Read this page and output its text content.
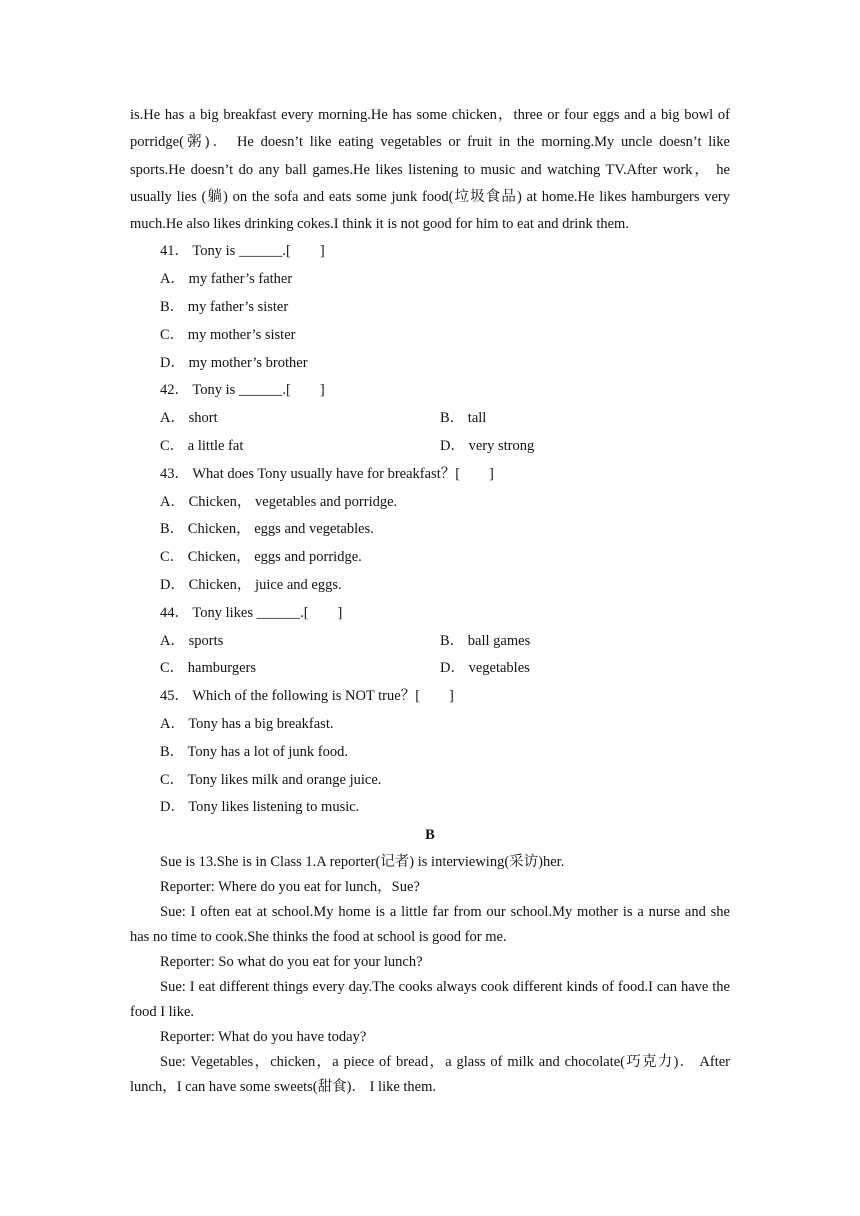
is.He has a big breakfast every morning.He has some chicken，three or four eggs and a big bowl of porridge(粥)． He doesn’t like eating vegetables or fruit in the morning.My uncle doesn’t like sports.He doesn’t do any ball games.He likes listening to music and watching TV.After work， he usually lies (躺) on the sofa and eats some junk food(垃圾食品) at home.He likes hamburgers very much.He also likes drinking cokes.I think it is not good for him to eat and drink them.

41． Tony is ______.[　　]

A． my father’s father

B． my father’s sister

C． my mother’s sister

D． my mother’s brother

42． Tony is ______.[　　]

A． short	B． tall
C． a little fat	D． very strong

43． What does Tony usually have for breakfast？[　　]

A． Chicken， vegetables and porridge.

B． Chicken， eggs and vegetables.

C． Chicken， eggs and porridge.

D． Chicken， juice and eggs.

44． Tony likes ______.[　　]

A． sports	B． ball games
C． hamburgers	D． vegetables

45． Which of the following is NOT true？[　　]

A． Tony has a big breakfast.

B． Tony has a lot of junk food.

C． Tony likes milk and orange juice.

D． Tony likes listening to music.

B

Sue is 13.She is in Class 1.A reporter(记者) is interviewing(采访)her.

Reporter: Where do you eat for lunch，Sue?

Sue: I often eat at school.My home is a little far from our school.My mother is a nurse and she has no time to cook.She thinks the food at school is good for me.

Reporter: So what do you eat for your lunch?

Sue: I eat different things every day.The cooks always cook different kinds of food.I can have the food I like.

Reporter: What do you have today?

Sue: Vegetables，chicken，a piece of bread，a glass of milk and chocolate(巧克力)． After lunch，I can have some sweets(甜食)． I like them.
